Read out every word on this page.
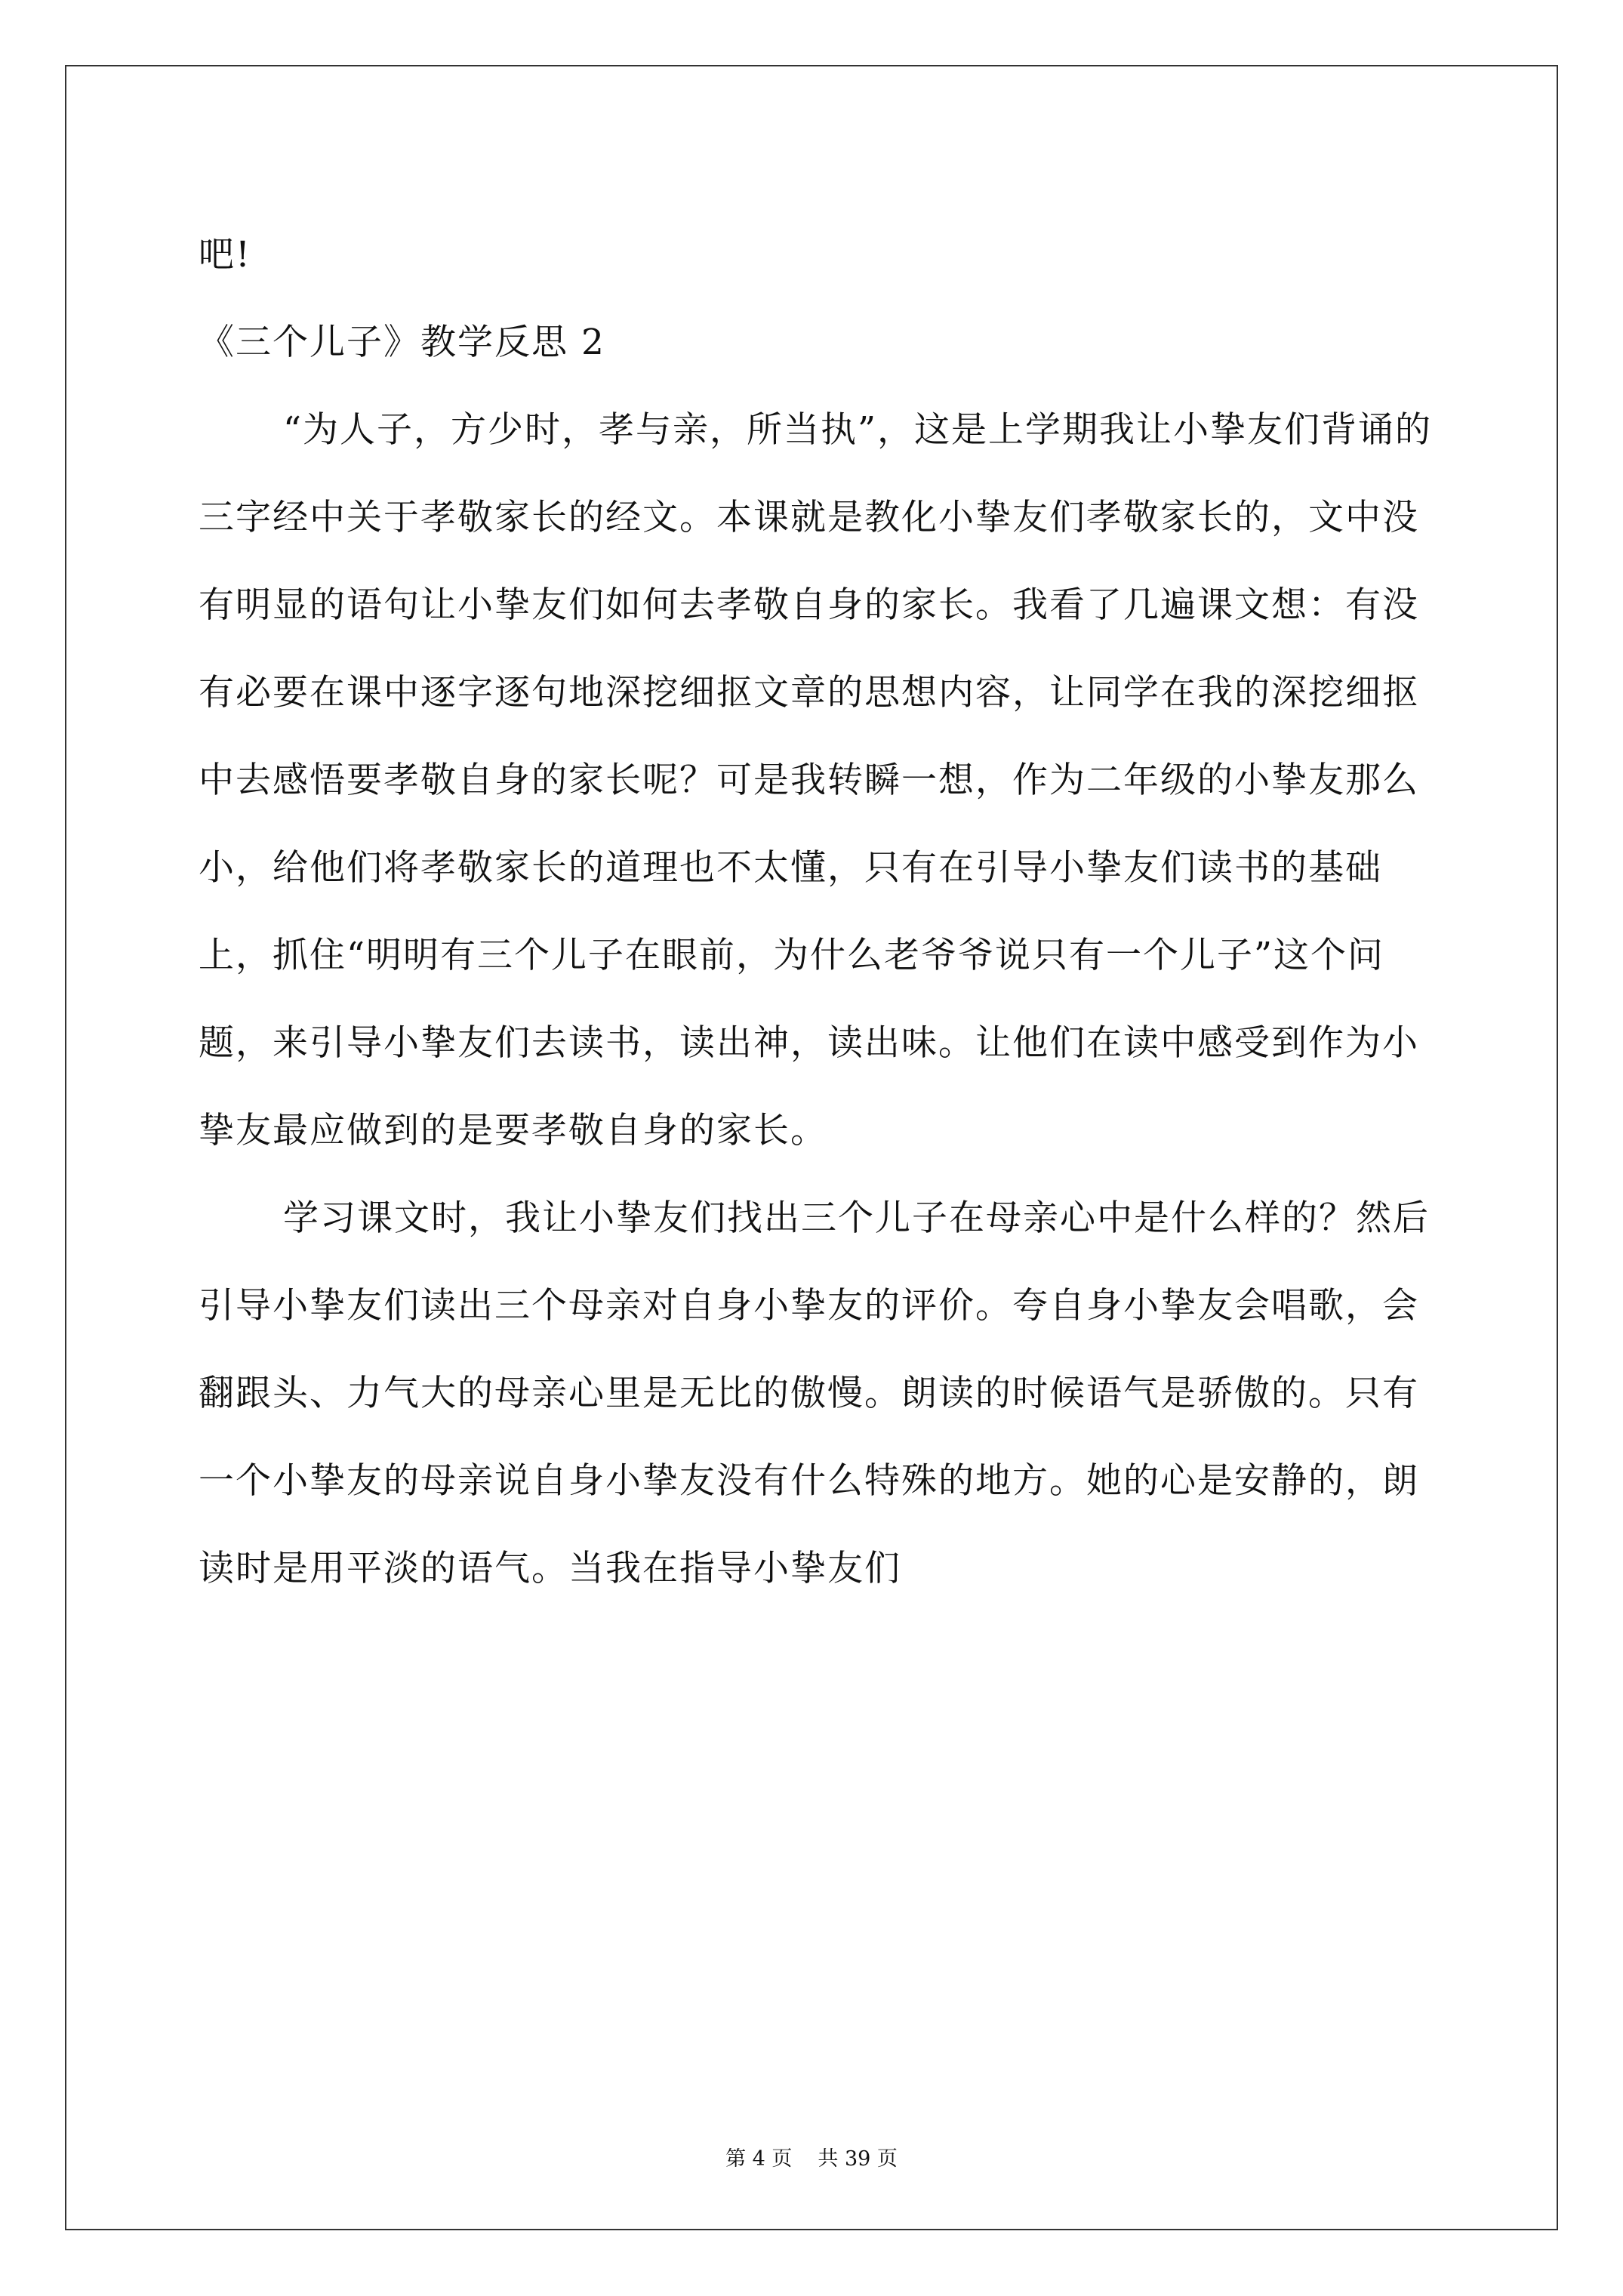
吧!

《三个儿子》教学反思 2

“为人子，方少时，孝与亲，所当执”，这是上学期我让小挚友们背诵的三字经中关于孝敬家长的经文。本课就是教化小挚友们孝敬家长的，文中没有明显的语句让小挚友们如何去孝敬自身的家长。我看了几遍课文想：有没有必要在课中逐字逐句地深挖细抠文章的思想内容，让同学在我的深挖细抠中去感悟要孝敬自身的家长呢？可是我转瞬一想，作为二年级的小挚友那么小，给他们将孝敬家长的道理也不太懂，只有在引导小挚友们读书的基础上，抓住“明明有三个儿子在眼前，为什么老爷爷说只有一个儿子”这个问题，来引导小挚友们去读书，读出神，读出味。让他们在读中感受到作为小挚友最应做到的是要孝敬自身的家长。

学习课文时，我让小挚友们找出三个儿子在母亲心中是什么样的？然后引导小挚友们读出三个母亲对自身小挚友的评价。夸自身小挚友会唱歌，会翻跟头、力气大的母亲心里是无比的傲慢。朗读的时候语气是骄傲的。只有一个小挚友的母亲说自身小挚友没有什么特殊的地方。她的心是安静的，朗读时是用平淡的语气。当我在指导小挚友们

第 4 页 共 39 页
